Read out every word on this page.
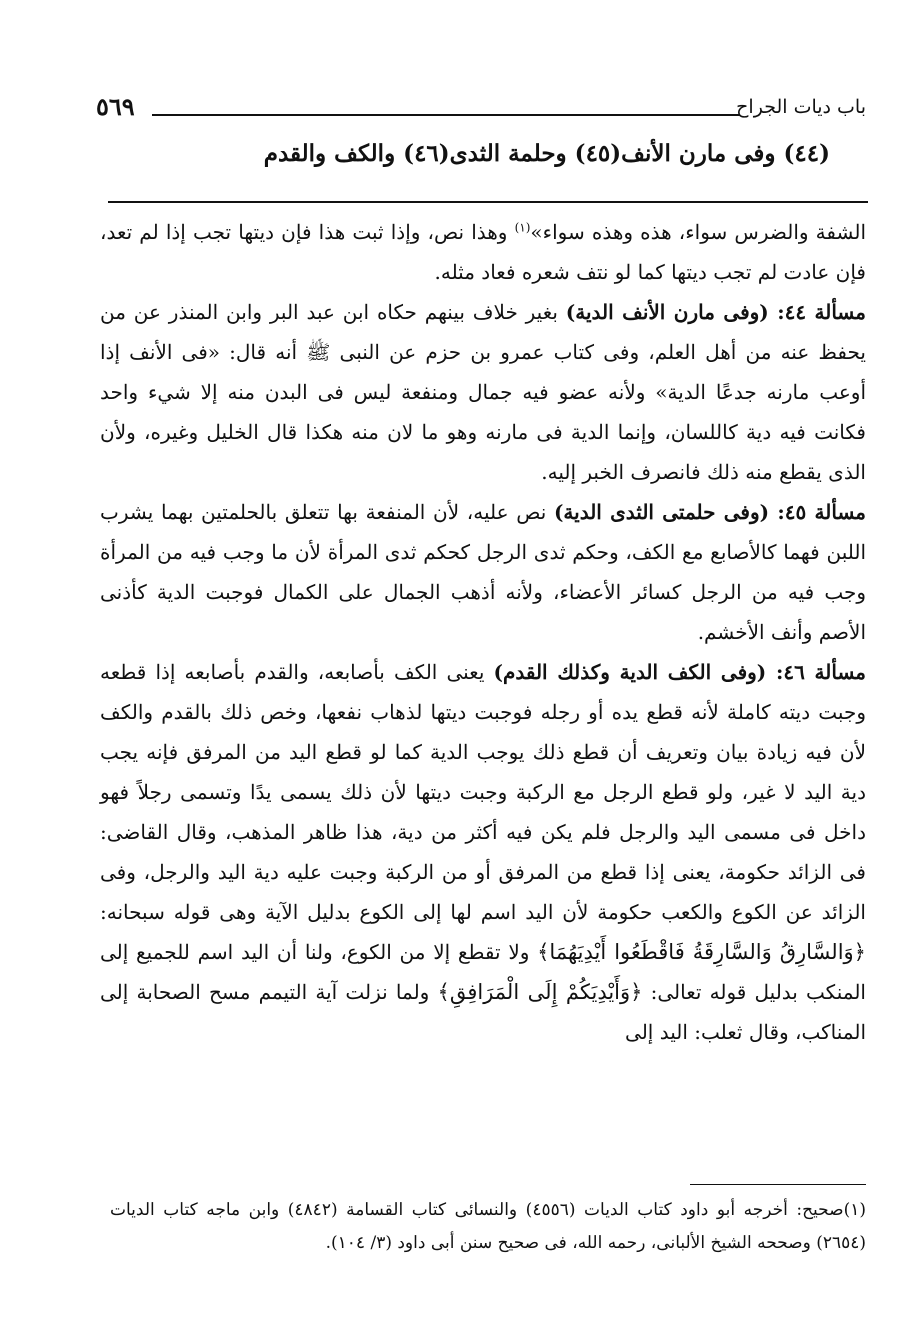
باب ديات الجراح
٥٦٩
(٤٤) وفى مارن الأنف(٤٥) وحلمة الثدى(٤٦) والكف والقدم

الشفة والضرس سواء، هذه وهذه سواء»$^{(١)}$ وهذا نص، وإذا ثبت هذا فإن ديتها تجب إذا لم تعد، فإن عادت لم تجب ديتها كما لو نتف شعره فعاد مثله.

مسألة ٤٤: (وفى مارن الأنف الدية) بغير خلاف بينهم حكاه ابن عبد البر وابن المنذر عن من يحفظ عنه من أهل العلم، وفى كتاب عمرو بن حزم عن النبى ﷺ أنه قال: «فى الأنف إذا أوعب مارنه جدعًا الدية» ولأنه عضو فيه جمال ومنفعة ليس فى البدن منه إلا شيء واحد فكانت فيه دية كاللسان، وإنما الدية فى مارنه وهو ما لان منه هكذا قال الخليل وغيره، ولأن الذى يقطع منه ذلك فانصرف الخبر إليه.

مسألة ٤٥: (وفى حلمتى الثدى الدية) نص عليه، لأن المنفعة بها تتعلق بالحلمتين بهما يشرب اللبن فهما كالأصابع مع الكف، وحكم ثدى الرجل كحكم ثدى المرأة لأن ما وجب فيه من المرأة وجب فيه من الرجل كسائر الأعضاء، ولأنه أذهب الجمال على الكمال فوجبت الدية كأذنى الأصم وأنف الأخشم.

مسألة ٤٦: (وفى الكف الدية وكذلك القدم) يعنى الكف بأصابعه، والقدم بأصابعه إذا قطعه وجبت ديته كاملة لأنه قطع يده أو رجله فوجبت ديتها لذهاب نفعها، وخص ذلك بالقدم والكف لأن فيه زيادة بيان وتعريف أن قطع ذلك يوجب الدية كما لو قطع اليد من المرفق فإنه يجب دية اليد لا غير، ولو قطع الرجل مع الركبة وجبت ديتها لأن ذلك يسمى يدًا وتسمى رجلاً فهو داخل فى مسمى اليد والرجل فلم يكن فيه أكثر من دية، هذا ظاهر المذهب، وقال القاضى: فى الزائد حكومة، يعنى إذا قطع من المرفق أو من الركبة وجبت عليه دية اليد والرجل، وفى الزائد عن الكوع والكعب حكومة لأن اليد اسم لها إلى الكوع بدليل الآية وهى قوله سبحانه: ﴿وَالسَّارِقُ وَالسَّارِقَةُ فَاقْطَعُوا أَيْدِيَهُمَا﴾ ولا تقطع إلا من الكوع، ولنا أن اليد اسم للجميع إلى المنكب بدليل قوله تعالى: ﴿وَأَيْدِيَكُمْ إِلَى الْمَرَافِقِ﴾ ولما نزلت آية التيمم مسح الصحابة إلى المناكب، وقال ثعلب: اليد إلى

(١)صحيح: أخرجه أبو داود كتاب الديات (٤٥٥٦) والنسائى كتاب القسامة (٤٨٤٢) وابن ماجه كتاب الديات (٢٦٥٤) وصححه الشيخ الألبانى، رحمه الله، فى صحيح سنن أبى داود (٣/ ١٠٤).
